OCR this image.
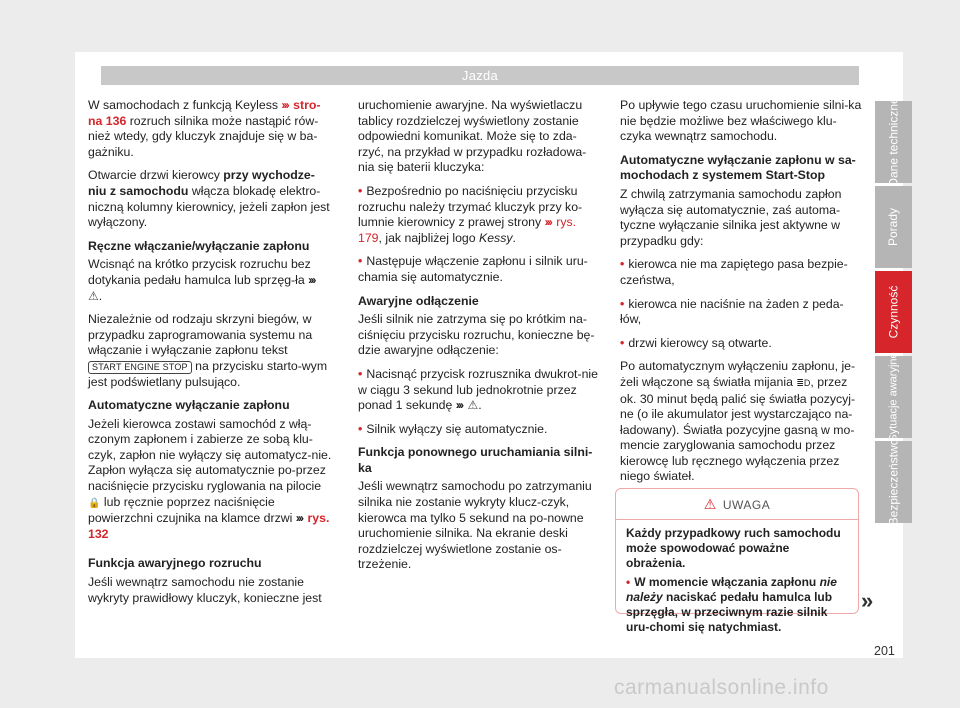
Jazda

W samochodach z funkcją Keyless ››› stro-na 136 rozruch silnika może nastąpić rów-nież wtedy, gdy kluczyk znajduje się w ba-gażniku.

Otwarcie drzwi kierowcy przy wychodze-niu z samochodu włącza blokadę elektro-niczną kolumny kierownicy, jeżeli zapłon jest wyłączony.

Ręczne włączanie/wyłączanie zapłonu
Wcisnąć na krótko przycisk rozruchu bez dotykania pedału hamulca lub sprzęg-ła ››› ⚠.

Niezależnie od rodzaju skrzyni biegów, w przypadku zaprogramowania systemu na włączanie i wyłączanie zapłonu tekst START ENGINE STOP na przycisku starto-wym jest podświetlany pulsująco.

Automatyczne wyłączanie zapłonu
Jeżeli kierowca zostawi samochód z włą-czonym zapłonem i zabierze ze sobą klu-czyk, zapłon nie wyłączy się automatycz-nie. Zapłon wyłącza się automatycznie po-przez naciśnięcie przycisku ryglowania na pilocie 🔒 lub ręcznie poprzez naciśnięcie powierzchni czujnika na klamce drzwi ››› rys. 132

Funkcja awaryjnego rozruchu
Jeśli wewnątrz samochodu nie zostanie wykryty prawidłowy kluczyk, konieczne jest

uruchomienie awaryjne. Na wyświetlaczu tablicy rozdzielczej wyświetlony zostanie odpowiedni komunikat. Może się to zda-rzyć, na przykład w przypadku rozładowa-nia się baterii kluczyka:

• Bezpośrednio po naciśnięciu przycisku rozruchu należy trzymać kluczyk przy ko-lumnie kierownicy z prawej strony ››› rys. 179, jak najbliżej logo Kessy.

• Następuje włączenie zapłonu i silnik uru-chamia się automatycznie.

Awaryjne odłączenie
Jeśli silnik nie zatrzyma się po krótkim na-ciśnięciu przycisku rozruchu, konieczne bę-dzie awaryjne odłączenie:

• Nacisnąć przycisk rozrusznika dwukrot-nie w ciągu 3 sekund lub jednokrotnie przez ponad 1 sekundę ››› ⚠.

• Silnik wyłączy się automatycznie.

Funkcja ponownego uruchamiania silni-ka
Jeśli wewnątrz samochodu po zatrzymaniu silnika nie zostanie wykryty klucz-czyk, kierowca ma tylko 5 sekund na po-nowne uruchomienie silnika. Na ekranie deski rozdzielczej wyświetlone zostanie os-trzeżenie.

Po upływie tego czasu uruchomienie silni-ka nie będzie możliwe bez właściwego klu-czyka wewnątrz samochodu.

Automatyczne wyłączanie zapłonu w sa-mochodach z systemem Start-Stop
Z chwilą zatrzymania samochodu zapłon wyłącza się automatycznie, zaś automa-tyczne wyłączanie silnika jest aktywne w przypadku gdy:

• kierowca nie ma zapiętego pasa bezpie-czeństwa,

• kierowca nie naciśnie na żaden z peda-łów,

• drzwi kierowcy są otwarte.

Po automatycznym wyłączeniu zapłonu, je-żeli włączone są światła mijania ≣D, przez ok. 30 minut będą palić się światła pozycyj-ne (o ile akumulator jest wystarczająco na-ładowany). Światła pozycyjne gasną w mo-mencie zaryglowania samochodu przez kierowcę lub ręcznego wyłączenia przez niego świateł.

⚠ UWAGA

Każdy przypadkowy ruch samochodu może spowodować poważne obrażenia.

• W momencie włączania zapłonu nie należy naciskać pedału hamulca lub sprzęgła, w przeciwnym razie silnik uru-chomi się natychmiast.

»
201
Dane techniczne
Porady
Czynność
Sytuacje awaryjne
Bezpieczeństwo
carmanualsonline.info
